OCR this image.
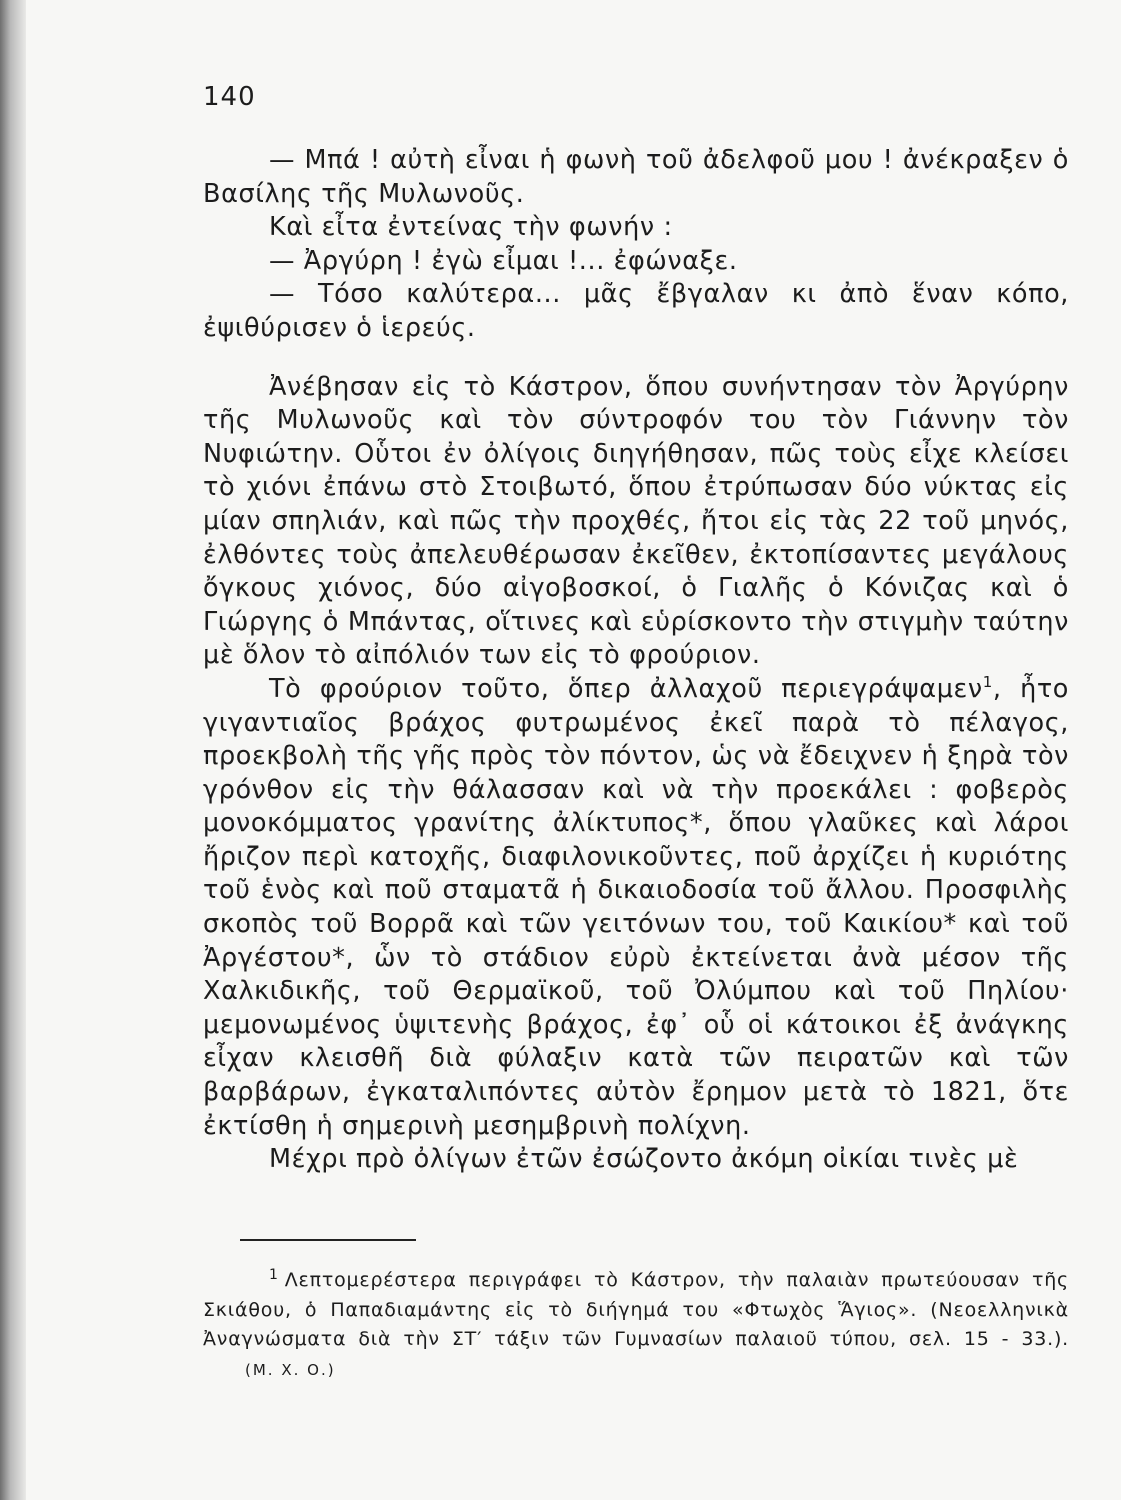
140

— Μπά ! αὐτὴ εἶναι ἡ φωνὴ τοῦ ἀδελφοῦ μου ! ἀνέκραξεν ὁ Βασίλης τῆς Μυλωνοῦς.

Καὶ εἶτα ἐντείνας τὴν φωνήν :

— Ἀργύρη ! ἐγὼ εἶμαι !... ἐφώναξε.

— Τόσο καλύτερα... μᾶς ἔβγαλαν κι ἀπὸ ἕναν κόπο, ἐψιθύρισεν ὁ ἱερεύς.

Ἀνέβησαν εἰς τὸ Κάστρον, ὅπου συνήντησαν τὸν Ἀργύρην τῆς Μυλωνοῦς καὶ τὸν σύντροφόν του τὸν Γιάννην τὸν Νυφιώτην. Οὗτοι ἐν ὀλίγοις διηγήθησαν, πῶς τοὺς εἶχε κλείσει τὸ χιόνι ἐπάνω στὸ Στοιβωτό, ὅπου ἐτρύπωσαν δύο νύκτας εἰς μίαν σπηλιάν, καὶ πῶς τὴν προχθές, ἤτοι εἰς τὰς 22 τοῦ μηνός, ἐλθόντες τοὺς ἀπελευθέρωσαν ἐκεῖθεν, ἐκτοπίσαντες μεγάλους ὄγκους χιόνος, δύο αἰγοβοσκοί, ὁ Γιαλῆς ὁ Κόνιζας καὶ ὁ Γιώργης ὁ Μπάντας, οἵτινες καὶ εὑρίσκοντο τὴν στιγμὴν ταύτην μὲ ὅλον τὸ αἰπόλιόν των εἰς τὸ φρούριον.

Τὸ φρούριον τοῦτο, ὅπερ ἀλλαχοῦ περιεγράψαμεν$^1$, ἦτο γιγαντιαῖος βράχος φυτρωμένος ἐκεῖ παρὰ τὸ πέλαγος, προεκβολὴ τῆς γῆς πρὸς τὸν πόντον, ὡς νὰ ἔδειχνεν ἡ ξηρὰ τὸν γρόνθον εἰς τὴν θάλασσαν καὶ νὰ τὴν προεκάλει : φοβερὸς μονοκόμματος γρανίτης ἀλίκτυπος*, ὅπου γλαῦκες καὶ λάροι ἤριζον περὶ κατοχῆς, διαφιλονικοῦντες, ποῦ ἀρχίζει ἡ κυριότης τοῦ ἑνὸς καὶ ποῦ σταματᾶ ἡ δικαιοδοσία τοῦ ἄλλου. Προσφιλὴς σκοπὸς τοῦ Βορρᾶ καὶ τῶν γειτόνων του, τοῦ Καικίου* καὶ τοῦ Ἀργέστου*, ὧν τὸ στάδιον εὐρὺ ἐκτείνεται ἀνὰ μέσον τῆς Χαλκιδικῆς, τοῦ Θερμαϊκοῦ, τοῦ Ὀλύμπου καὶ τοῦ Πηλίου· μεμονωμένος ὑψιτενὴς βράχος, ἐφ᾿ οὗ οἱ κάτοικοι ἐξ ἀνάγκης εἶχαν κλεισθῆ διὰ φύλαξιν κατὰ τῶν πειρατῶν καὶ τῶν βαρβάρων, ἐγκαταλιπόντες αὐτὸν ἔρημον μετὰ τὸ 1821, ὅτε ἐκτίσθη ἡ σημερινὴ μεσημβρινὴ πολίχνη.

Μέχρι πρὸ ὀλίγων ἐτῶν ἐσώζοντο ἀκόμη οἰκίαι τινὲς μὲ

$^1$ Λεπτομερέστερα περιγράφει τὸ Κάστρον, τὴν παλαιὰν πρωτεύουσαν τῆς Σκιάθου, ὁ Παπαδιαμάντης εἰς τὸ διήγημά του «Φτωχὸς Ἅγιος». (Νεοελληνικὰ Ἀναγνώσματα διὰ τὴν ΣΤ′ τάξιν τῶν Γυμνασίων παλαιοῦ τύπου, σελ. 15 - 33.).(Μ. Χ. Ο.)
